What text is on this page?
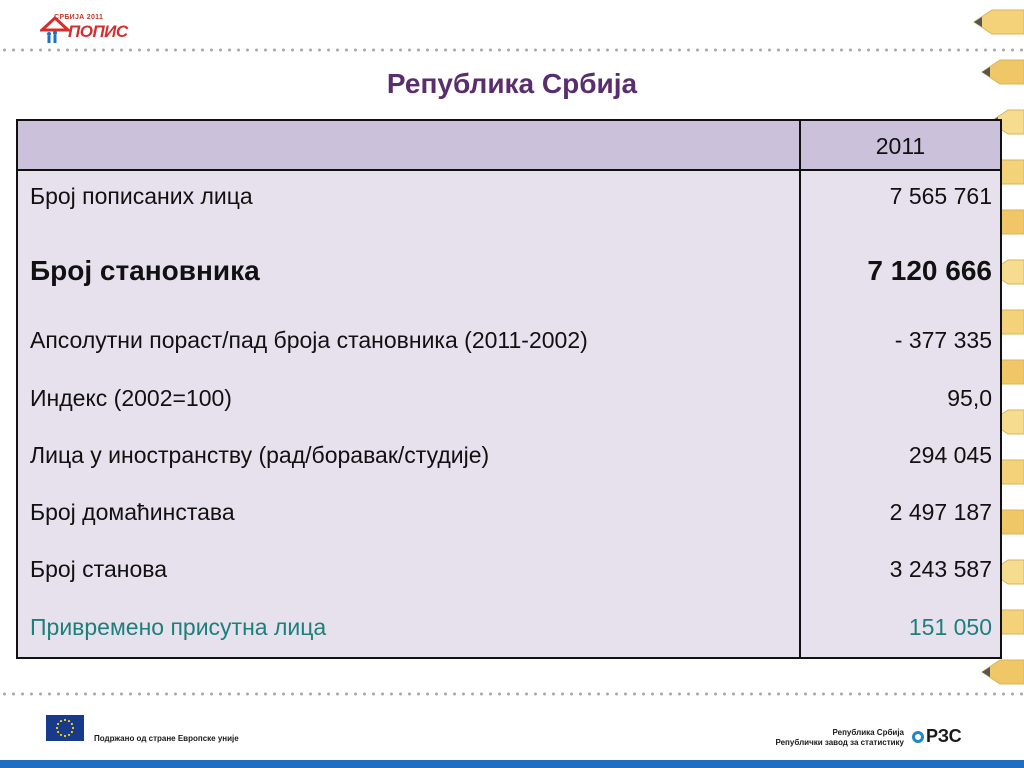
СРБИЈА 2011
ПОПИС
Република Србија
2011
Број пописаних лица	7 565 761
Број становника	7 120 666
Апсолутни пораст/пад броја становника (2011-2002)	- 377 335
Индекс (2002=100)	95,0
Лица у иностранству (рад/боравак/студије)	294 045
Број домаћинстава	2 497 187
Број станова	3 243 587
Привремено присутна лица	151 050
Подржано од стране Европске уније
Република Србија
Републички завод за статистику	РЗС
